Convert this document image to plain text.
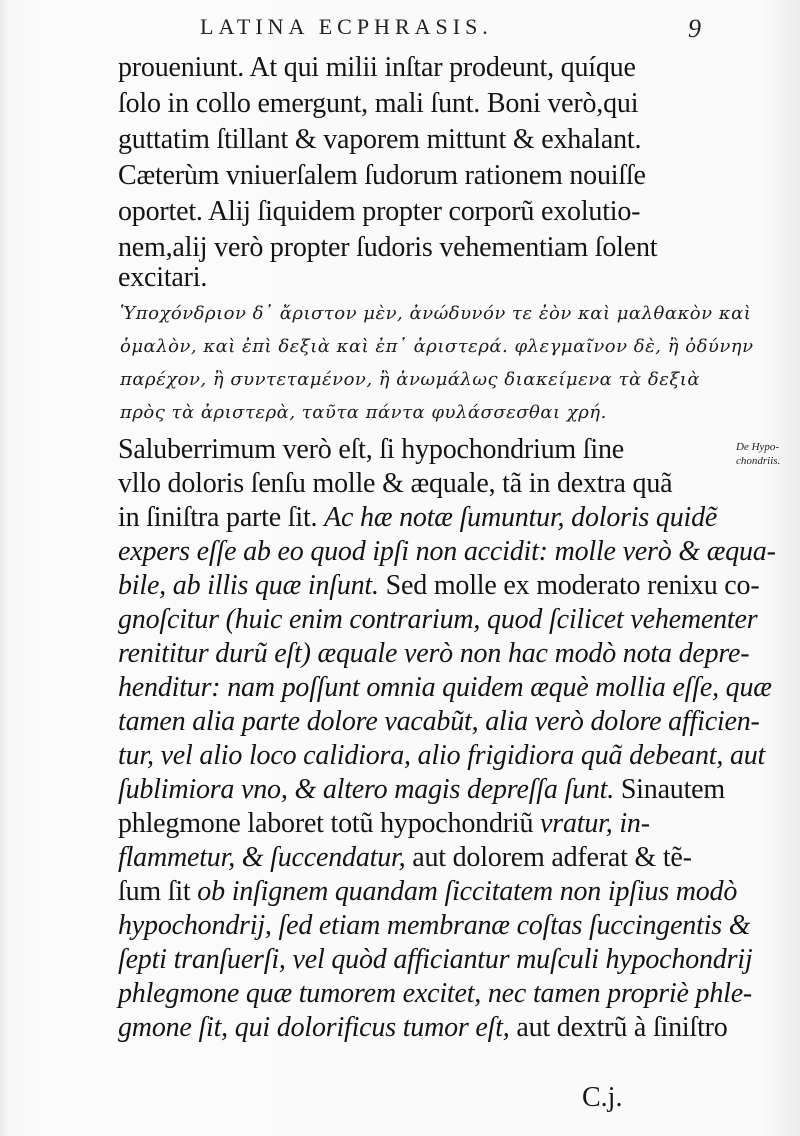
LATINA ECPHRASIS.	9
prouenіunt. At qui milii inſtar prodeunt, quíque
ſolo in collo emergunt, mali ſunt. Boni verò,qui
guttatim ſtillant & vaporem mittunt & exhalant.
Cæterùm vniuerſalem ſudorum rationem nouiſſe
oportet. Alij ſiquidem propter corporũ exolutio-
nem,alij verò propter ſudoris vehementiam ſolent
excitari.
Ὑποχόνδριον δ᾽ ἄριστον μὲν, ἀνώδυνόν τε ἐὸν καὶ μαλθακὸν καὶ
ὁμαλὸν, καὶ ἐπὶ δεξιὰ καὶ ἐπ᾽ ἀριστερά. φλεγμαῖνον δὲ, ἢ ὀδύνην
παρέχον, ἢ συντεταμένον, ἢ ἀνωμάλως διακείμενα τὰ δεξιὰ
πρὸς τὰ ἀριστερὰ, ταῦτα πάντα φυλάσσεσθαι χρή.
Saluberrimum verò eſt, ſi hypochondrium ſine
vllo doloris ſenſu molle & æquale, tã in dextra quã
in ſiniſtra parte ſit. Ac hæ notæ ſumuntur, doloris quidẽ
expers eſſe ab eo quod ipſi non accidit: molle verò & æqua-
bile, ab illis quæ inſunt. Sed molle ex moderato renixu co-
gnoſcitur (huic enim contrarium, quod ſcilicet vehementer
renititur durũ eſt) æquale verò non hac modò nota depre-
henditur: nam poſſunt omnia quidem æquè mollia eſſe, quæ
tamen alia parte dolore vacabũt, alia verò dolore afficien-
tur, vel alio loco calidiora, alio frigidiora quã debeant, aut
ſublimiora vno, & altero magis depreſſa ſunt. Sinautem
phlegmone laboret totũ hypochondriũ vratur, in-
flammetur, & ſuccendatur, aut dolorem adferat & tẽ-
ſum ſit ob inſignem quandam ſiccitatem non ipſius modò
hypochondrij, ſed etiam membranæ coſtas ſuccingentis &
ſepti tranſuerſi, vel quòd afficiantur muſculi hypochondrij
phlegmone quæ tumorem excitet, nec tamen propriè phle-
gmone ſit, qui dolorificus tumor eſt, aut dextrũ à ſiniſtro
De Hypo-
chondriis.
C.j.
